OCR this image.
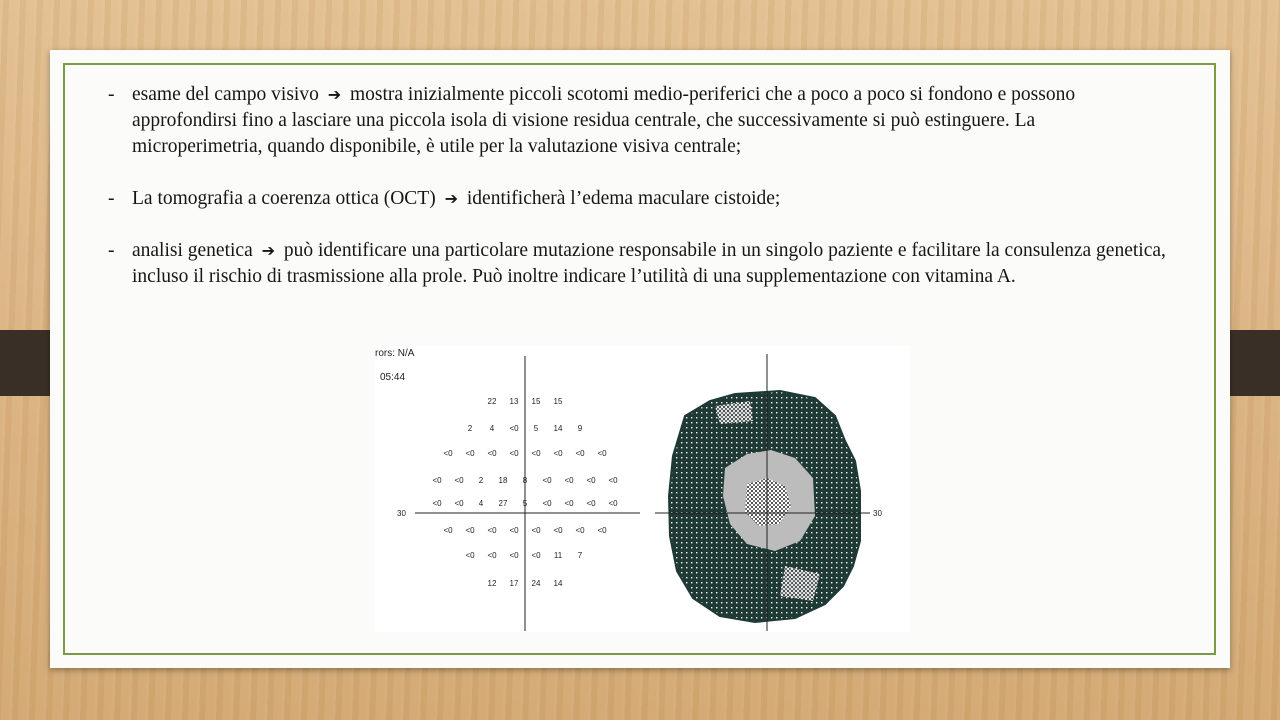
- esame del campo visivo ➔ mostra inizialmente piccoli scotomi medio-periferici che a poco a poco si fondono e possono approfondirsi fino a lasciare una piccola isola di visione residua centrale, che successivamente si può estinguere. La microperimetria, quando disponibile, è utile per la valutazione visiva centrale;
- La tomografia a coerenza ottica (OCT) ➔ identificherà l’edema maculare cistoide;
- analisi genetica ➔ può identificare una particolare mutazione responsabile in un singolo paziente e facilitare la consulenza genetica, incluso il rischio di trasmissione alla prole. Può inoltre indicare l’utilità di una supplementazione con vitamina A.
rors: N/A
05:44
30
22 13 15 15
2 4 <0 5 14 9
<0 <0 <0 <0 <0 <0 <0 <0
<0 <0 2 18 8 <0 <0 <0 <0
<0 <0 4 27 5 <0 <0 <0 <0
<0 <0 <0 <0 <0 <0 <0 <0
<0 <0 <0 <0 11 7
12 17 24 14
30
